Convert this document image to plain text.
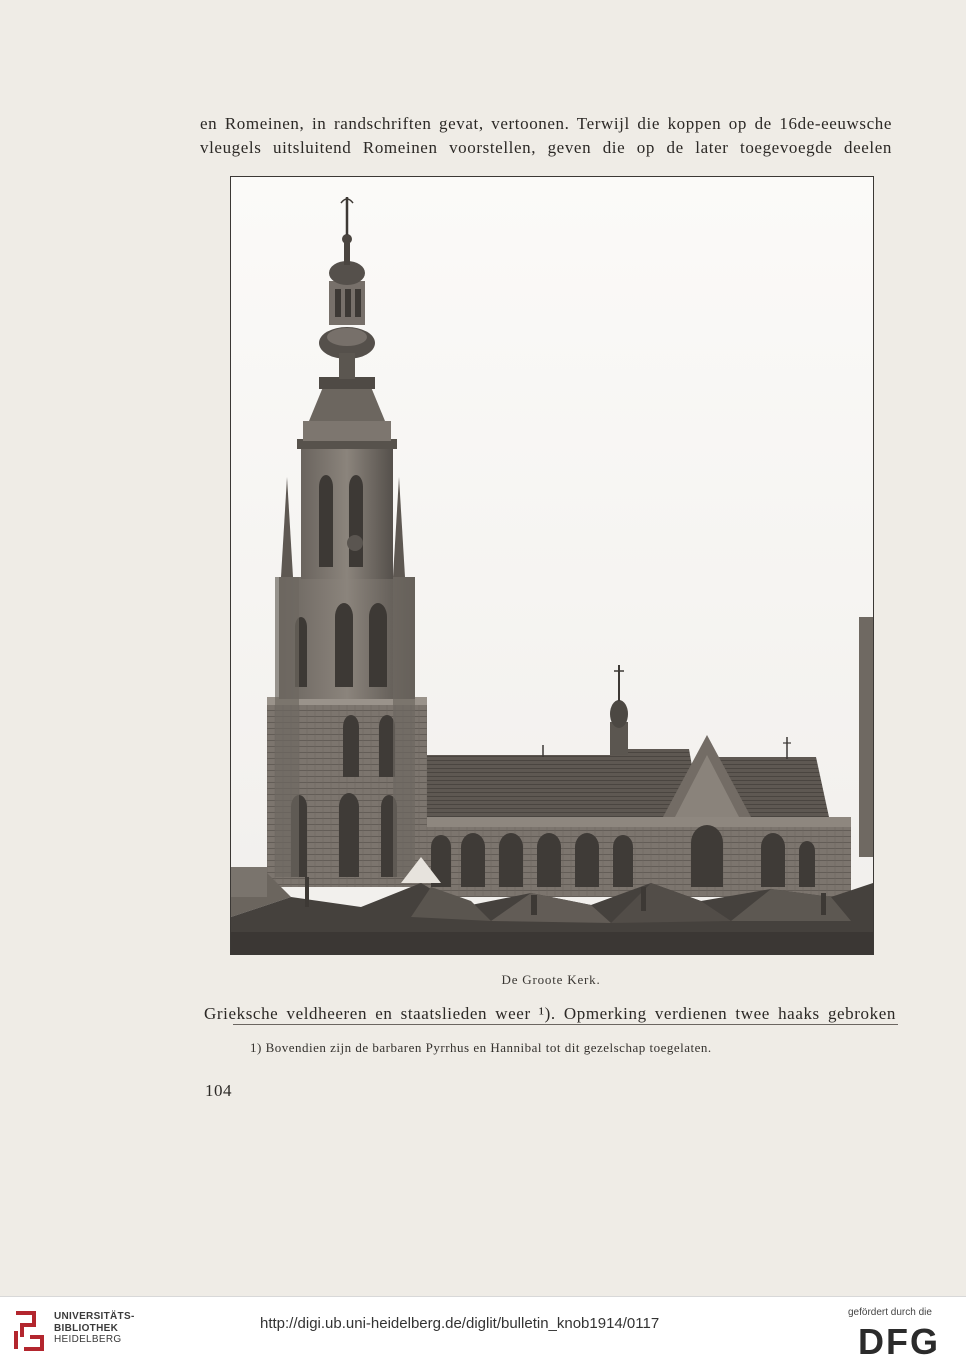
en Romeinen, in randschriften gevat, vertoonen. Terwijl die koppen op de 16de-eeuwsche
vleugels uitsluitend Romeinen voorstellen, geven die op de later toegevoegde deelen
De Groote Kerk.
Grieksche veldheeren en staatslieden weer ¹). Opmerking verdienen twee haaks gebroken
1) Bovendien zijn de barbaren Pyrrhus en Hannibal tot dit gezelschap toegelaten.
104
UNIVERSITÄTS-
BIBLIOTHEK
HEIDELBERG
http://digi.ub.uni-heidelberg.de/diglit/bulletin_knob1914/0117
gefördert durch die
DFG
